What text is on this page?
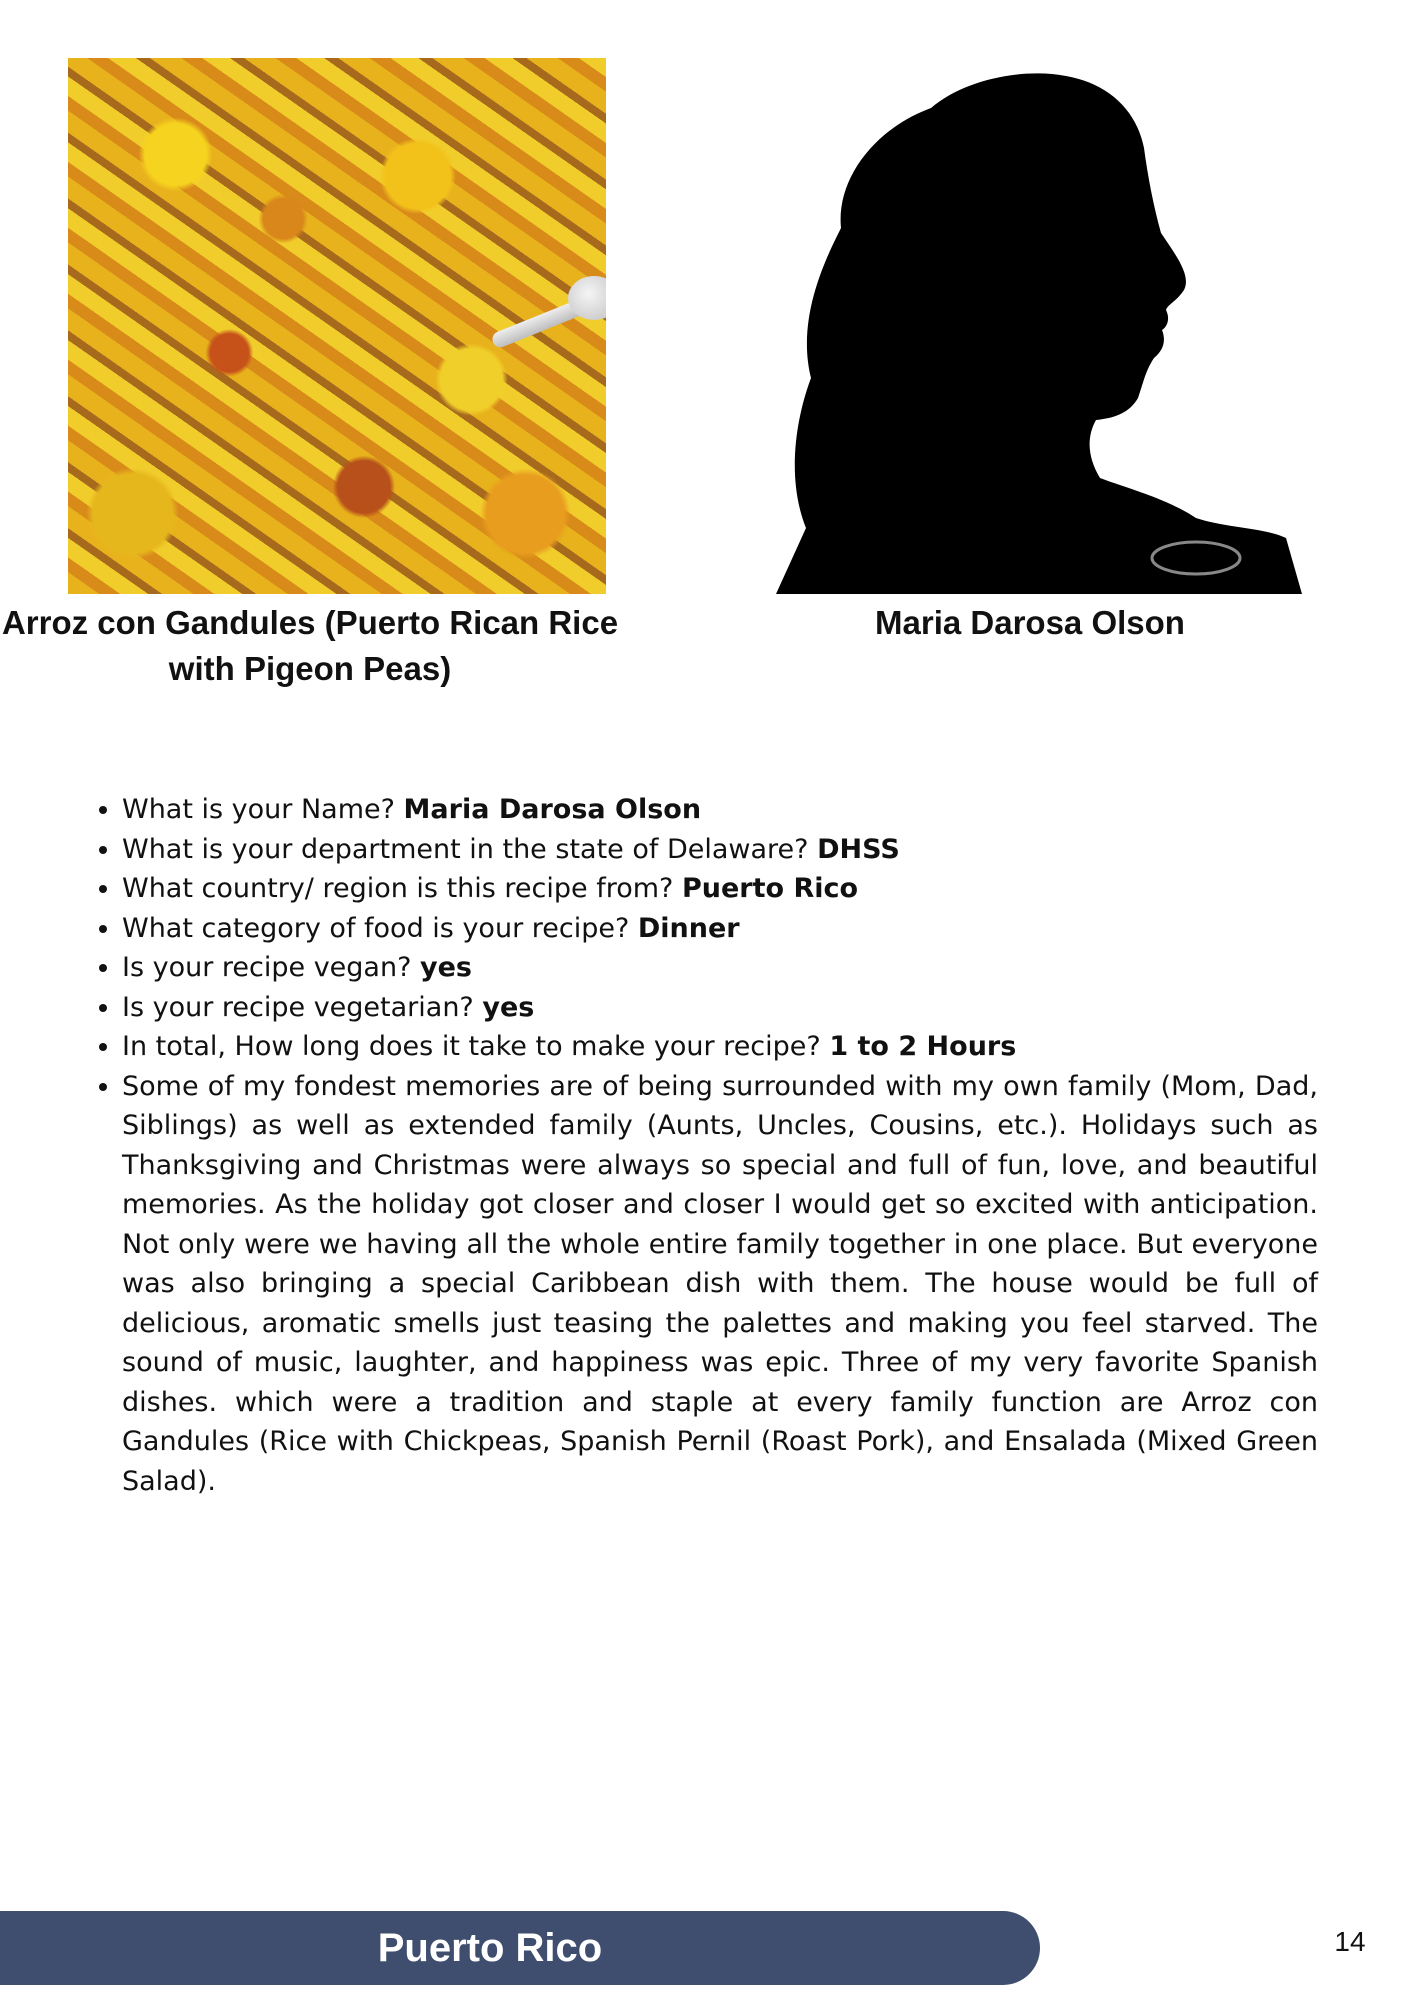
Arroz con Gandules (Puerto Rican Rice with Pigeon Peas)
Maria Darosa Olson
• What is your Name? Maria Darosa Olson
• What is your department in the state of Delaware? DHSS
• What country/ region is this recipe from? Puerto Rico
• What category of food is your recipe? Dinner
• Is your recipe vegan? yes
• Is your recipe vegetarian? yes
• In total, How long does it take to make your recipe? 1 to 2 Hours
• Some of my fondest memories are of being surrounded with my own family (Mom, Dad, Siblings) as well as extended family (Aunts, Uncles, Cousins, etc.). Holidays such as Thanksgiving and Christmas were always so special and full of fun, love, and beautiful memories. As the holiday got closer and closer I would get so excited with anticipation. Not only were we having all the whole entire family together in one place. But everyone was also bringing a special Caribbean dish with them. The house would be full of delicious, aromatic smells just teasing the palettes and making you feel starved. The sound of music, laughter, and happiness was epic. Three of my very favorite Spanish dishes. which were a tradition and staple at every family function are Arroz con Gandules (Rice with Chickpeas, Spanish Pernil (Roast Pork), and Ensalada (Mixed Green Salad).
Puerto Rico	14
